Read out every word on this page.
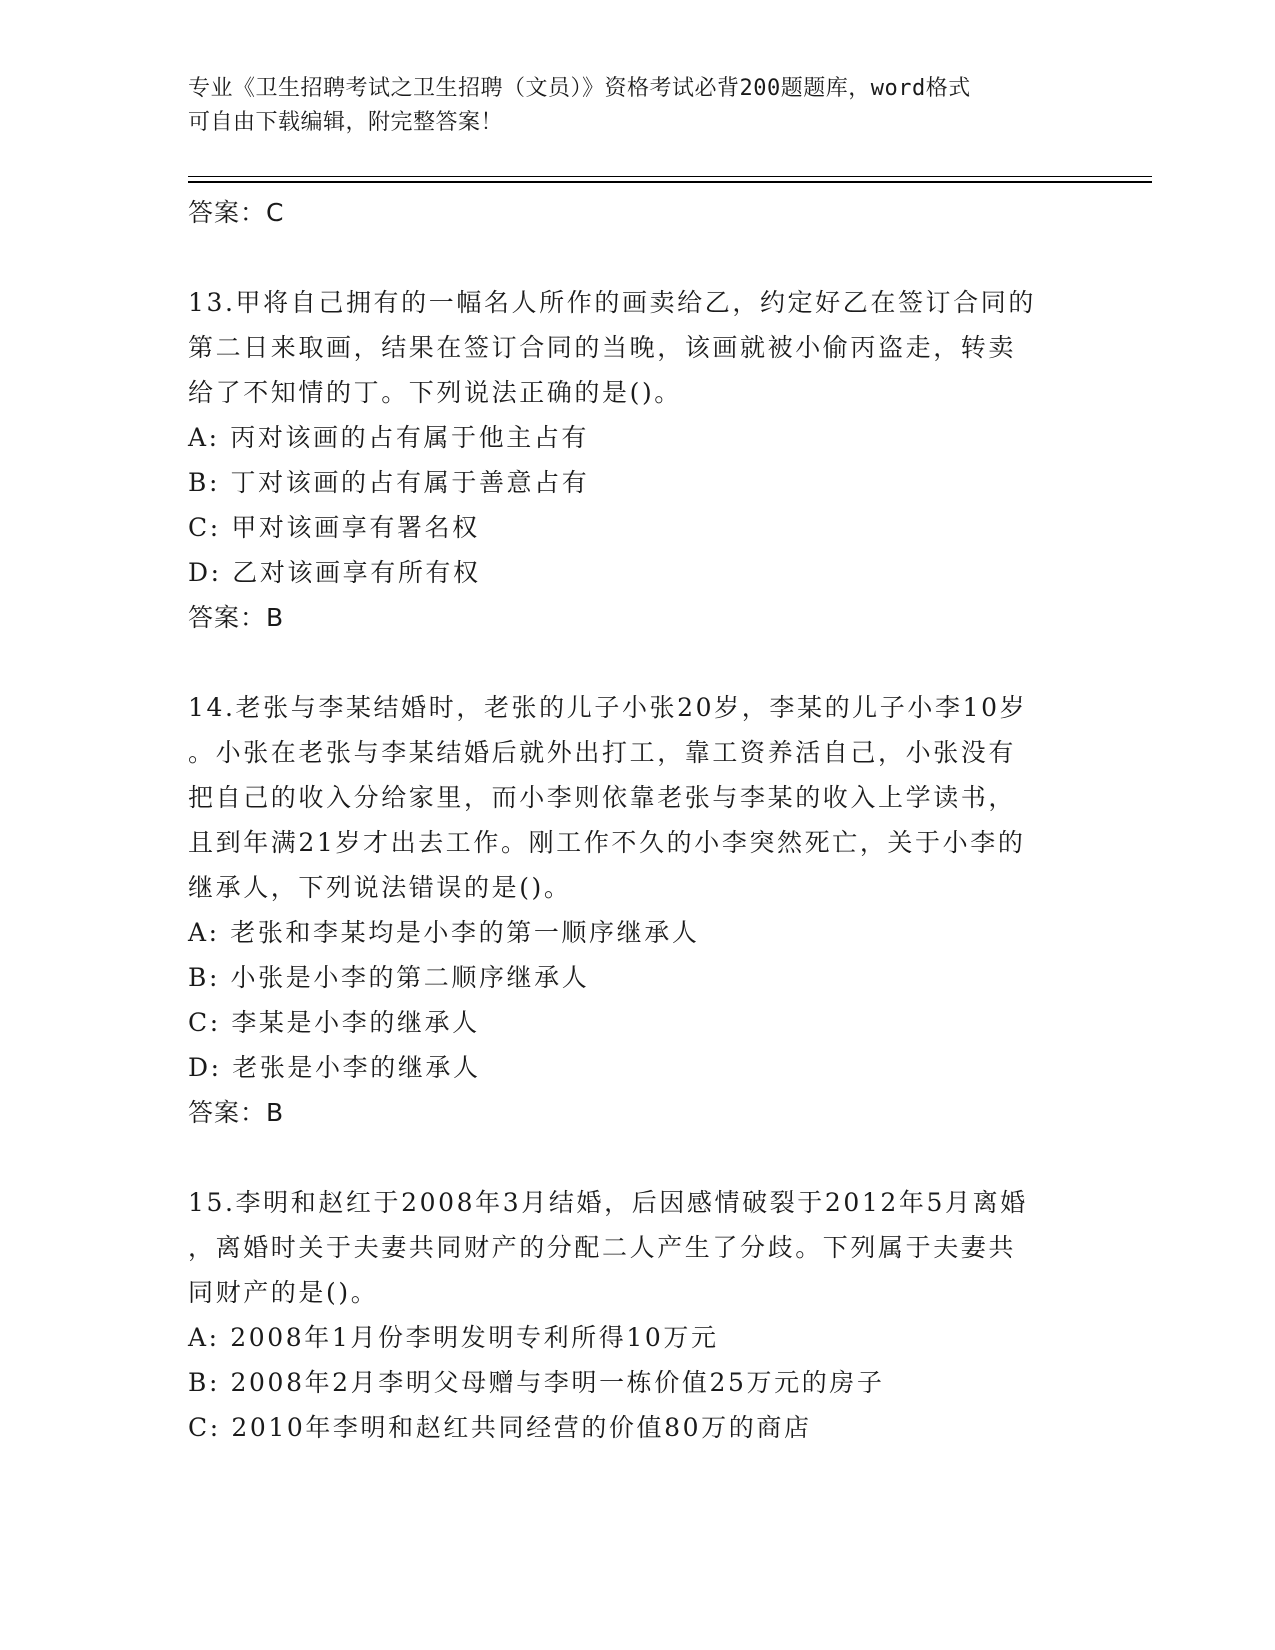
专业《卫生招聘考试之卫生招聘（文员）》资格考试必背200题题库，word格式
可自由下载编辑，附完整答案！
答案：C
13.甲将自己拥有的一幅名人所作的画卖给乙，约定好乙在签订合同的
第二日来取画，结果在签订合同的当晚，该画就被小偷丙盗走，转卖
给了不知情的丁。下列说法正确的是()。
A: 丙对该画的占有属于他主占有
B: 丁对该画的占有属于善意占有
C: 甲对该画享有署名权
D: 乙对该画享有所有权
答案：B
14.老张与李某结婚时，老张的儿子小张20岁，李某的儿子小李10岁
。小张在老张与李某结婚后就外出打工，靠工资养活自己，小张没有
把自己的收入分给家里，而小李则依靠老张与李某的收入上学读书，
且到年满21岁才出去工作。刚工作不久的小李突然死亡，关于小李的
继承人，下列说法错误的是()。
A: 老张和李某均是小李的第一顺序继承人
B: 小张是小李的第二顺序继承人
C: 李某是小李的继承人
D: 老张是小李的继承人
答案：B
15.李明和赵红于2008年3月结婚，后因感情破裂于2012年5月离婚
，离婚时关于夫妻共同财产的分配二人产生了分歧。下列属于夫妻共
同财产的是()。
A: 2008年1月份李明发明专利所得10万元
B: 2008年2月李明父母赠与李明一栋价值25万元的房子
C: 2010年李明和赵红共同经营的价值80万的商店
